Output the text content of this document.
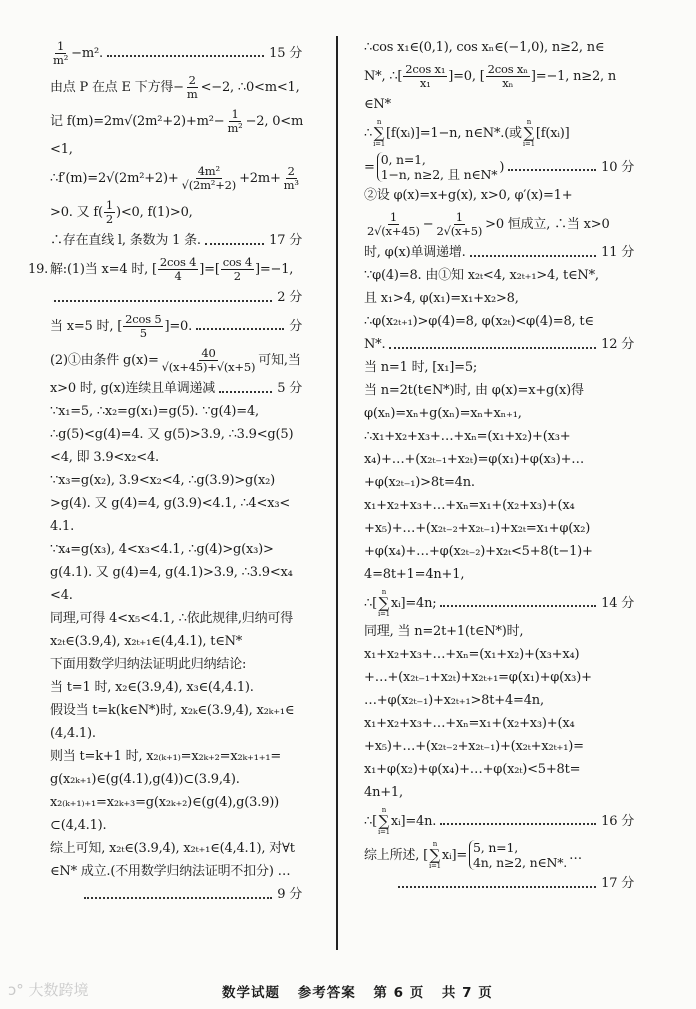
$\frac{1}{\text{m²}} -m^2$.	15 分
由点 P 在点 E 下方得− $\frac{2}{m} <-2$, ∴0<m<1,
记 $f(m)=2m√(2m^2+2)+m^2- \frac{1}{\text{m²}} -2$, 0<m
<1,
∴f′(m)=2√(2m²+2)+ $\frac{\text{4m²}}{\text{√(2m²+2)}} +2m+ \frac{2}{\text{m³}}$
>0. 又 $f( \frac{1}{2} )<0$, f(1)>0,
∴存在直线 l, 条数为 1 条.	17 分
19. 解:(1)当 x=4 时, [ $\frac{2\cos 4}{4}$ ]=[ $\frac{\cos 4}{2} ]=-1$,
2 分
当 x=5 时, [ $\frac{2\cos 5}{5} ]=0$.	分
(2)①由条件 $g(x)= \frac{40}{√(x+45)+√(x+5)}$ 可知,当
x>0 时, g(x)连续且单调递减	5 分
∵x₁=5, ∴x₂=g(x₁)=g(5). ∵g(4)=4,
∴g(5)<g(4)=4. 又 g(5)>3.9, ∴3.9<g(5)
<4, 即 3.9<x₂<4.
∵x₃=g(x₂), 3.9<x₂<4, ∴g(3.9)>g(x₂)
>g(4). 又 g(4)=4, g(3.9)<4.1, ∴4<x₃<
4.1.
∵x₄=g(x₃), 4<x₃<4.1, ∴g(4)>g(x₃)>
g(4.1). 又 g(4)=4, g(4.1)>3.9, ∴3.9<x₄
<4.
同理,可得 4<x₅<4.1, ∴依此规律,归纳可得
x₂ₜ∈(3.9,4), x₂ₜ₊₁∈(4,4.1), t∈N*
下面用数学归纳法证明此归纳结论:
当 t=1 时, x₂∈(3.9,4), x₃∈(4,4.1).
假设当 t=k(k∈N*)时, x₂ₖ∈(3.9,4), x₂ₖ₊₁∈
(4,4.1).
则当 t=k+1 时, x₂₍ₖ₊₁₎=x₂ₖ₊₂=x₂ₖ₊₁₊₁=
g(x₂ₖ₊₁)∈(g(4.1),g(4))⊂(3.9,4).
x₂₍ₖ₊₁₎₊₁=x₂ₖ₊₃=g(x₂ₖ₊₂)∈(g(4),g(3.9))
⊂(4,4.1).
综上可知, x₂ₜ∈(3.9,4), x₂ₜ₊₁∈(4,4.1), 对∀t
∈N* 成立.(不用数学归纳法证明不扣分) …
9 分
∴cos x₁∈(0,1), cos xₙ∈(−1,0), n≥2, n∈
N*, ∴[ $\frac{\text{2cos x₁}}{\text{x₁}} ]=0$, [ $\frac{\text{2cos xₙ}}{\text{xₙ}} ]=-1$, n≥2, n
∈N*
∴
n
∑
i=1
[f(xᵢ)]=1−n, n∈N*.(或
n
∑
i=1
[f(xᵢ)]
= 0, n=1,
1−n, n≥2, 且 n∈N* )	10 分
②设 φ(x)=x+g(x), x>0, φ′(x)=1+
$\frac{1}{2√(x+45)} - \frac{1}{2√(x+5)} >0$ 恒成立, ∴当 x>0
时, φ(x)单调递增.	11 分
∵φ(4)=8. 由①知 x₂ₜ<4, x₂ₜ₊₁>4, t∈N*,
且 x₁>4, φ(x₁)=x₁+x₂>8,
∴φ(x₂ₜ₊₁)>φ(4)=8, φ(x₂ₜ)<φ(4)=8, t∈
N*.	12 分
当 n=1 时, [x₁]=5;
当 n=2t(t∈N*)时, 由 φ(x)=x+g(x)得
φ(xₙ)=xₙ+g(xₙ)=xₙ+xₙ₊₁,
∴x₁+x₂+x₃+…+xₙ=(x₁+x₂)+(x₃+
x₄)+…+(x₂ₜ₋₁+x₂ₜ)=φ(x₁)+φ(x₃)+…
+φ(x₂ₜ₋₁)>8t=4n.
x₁+x₂+x₃+…+xₙ=x₁+(x₂+x₃)+(x₄
+x₅)+…+(x₂ₜ₋₂+x₂ₜ₋₁)+x₂ₜ=x₁+φ(x₂)
+φ(x₄)+…+φ(x₂ₜ₋₂)+x₂ₜ<5+8(t−1)+
4=8t+1=4n+1,
∴[
n
∑
i=1
xᵢ]=4n;	14 分
同理, 当 n=2t+1(t∈N*)时,
x₁+x₂+x₃+…+xₙ=(x₁+x₂)+(x₃+x₄)
+…+(x₂ₜ₋₁+x₂ₜ)+x₂ₜ₊₁=φ(x₁)+φ(x₃)+
…+φ(x₂ₜ₋₁)+x₂ₜ₊₁>8t+4=4n,
x₁+x₂+x₃+…+xₙ=x₁+(x₂+x₃)+(x₄
+x₅)+…+(x₂ₜ₋₂+x₂ₜ₋₁)+(x₂ₜ+x₂ₜ₊₁)=
x₁+φ(x₂)+φ(x₄)+…+φ(x₂ₜ)<5+8t=
4n+1,
∴[
n
∑
i=1
xᵢ]=4n.	16 分
综上所述, [
n
∑
i=1
xᵢ]= 5, n=1,
4n, n≥2, n∈N*. …
17 分
数学试题 参考答案 第 6 页 共 7 页
ↄ° 大数跨境
